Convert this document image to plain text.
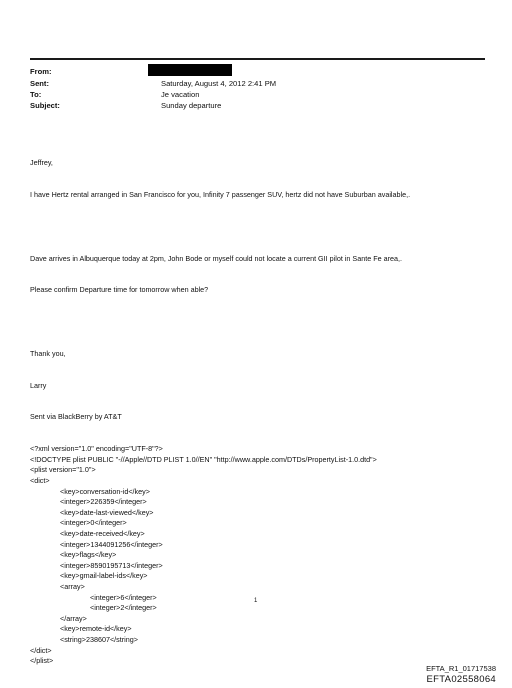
From:
Sent:	Saturday, August 4, 2012 2:41 PM
To:	Je vacation
Subject:	Sunday departure

Jeffrey,

I have Hertz rental arranged in San Francisco for you, Infinity 7 passenger SUV, hertz did not have Suburban available,.

Dave arrives in Albuquerque today at 2pm, John Bode or myself could not locate a current GII pilot in Sante Fe area,.

Please confirm Departure time for tomorrow when able?

Thank you,

Larry

Sent via BlackBerry by AT&T

<?xml version="1.0" encoding="UTF-8"?>
<!DOCTYPE plist PUBLIC "-//Apple//DTD PLIST 1.0//EN" "http://www.apple.com/DTDs/PropertyList-1.0.dtd">
<plist version="1.0">
<dict>
<key>conversation-id</key>
<integer>226359</integer>
<key>date-last-viewed</key>
<integer>0</integer>
<key>date-received</key>
<integer>1344091256</integer>
<key>flags</key>
<integer>8590195713</integer>
<key>gmail-label-ids</key>
<array>
<integer>6</integer>
<integer>2</integer>
</array>
<key>remote-id</key>
<string>238607</string>
</dict>
</plist>

1
EFTA_R1_01717538
EFTA02558064
